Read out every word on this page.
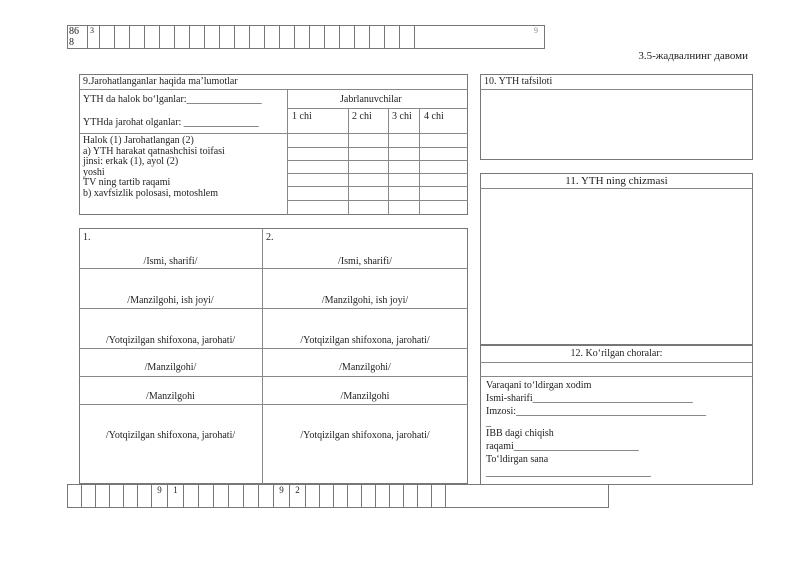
86
8
3	9
3.5-жадвалнинг давоми
9.Jarohatlanganlar haqida ma’lumotlar
YTH da halok bo‘lganlar:_______________
YTHda jarohat olganlar: _______________
Jabrlanuvchilar
1 chi	2 chi 3 chi 4 chi
Halok (1) Jarohatlangan (2)
a) YTH harakat qatnashchisi toifasi
jinsi: erkak (1), ayol (2)
yoshi
TV ning tartib raqami
b) xavfsizlik polosasi, motoshlem
1.	2.
/Ismi, sharifi/	/Ismi, sharifi/
/Manzilgohi, ish joyi/	/Manzilgohi, ish joyi/
/Yotqizilgan shifoxona, jarohati/	/Yotqizilgan shifoxona, jarohati/
/Manzilgohi/	/Manzilgohi/
/Manzilgohi	/Manzilgohi
/Yotqizilgan shifoxona, jarohati/	/Yotqizilgan shifoxona, jarohati/
10. YTH tafsiloti
11. YTH ning chizmasi
12. Ko‘rilgan choralar:
Varaqani to‘ldirgan xodim
Ismi-sharifi________________________________
Imzosi:______________________________________
_
IBB dagi chiqish
raqami_________________________
To‘ldirgan sana
_________________________________
9	1	9	2
